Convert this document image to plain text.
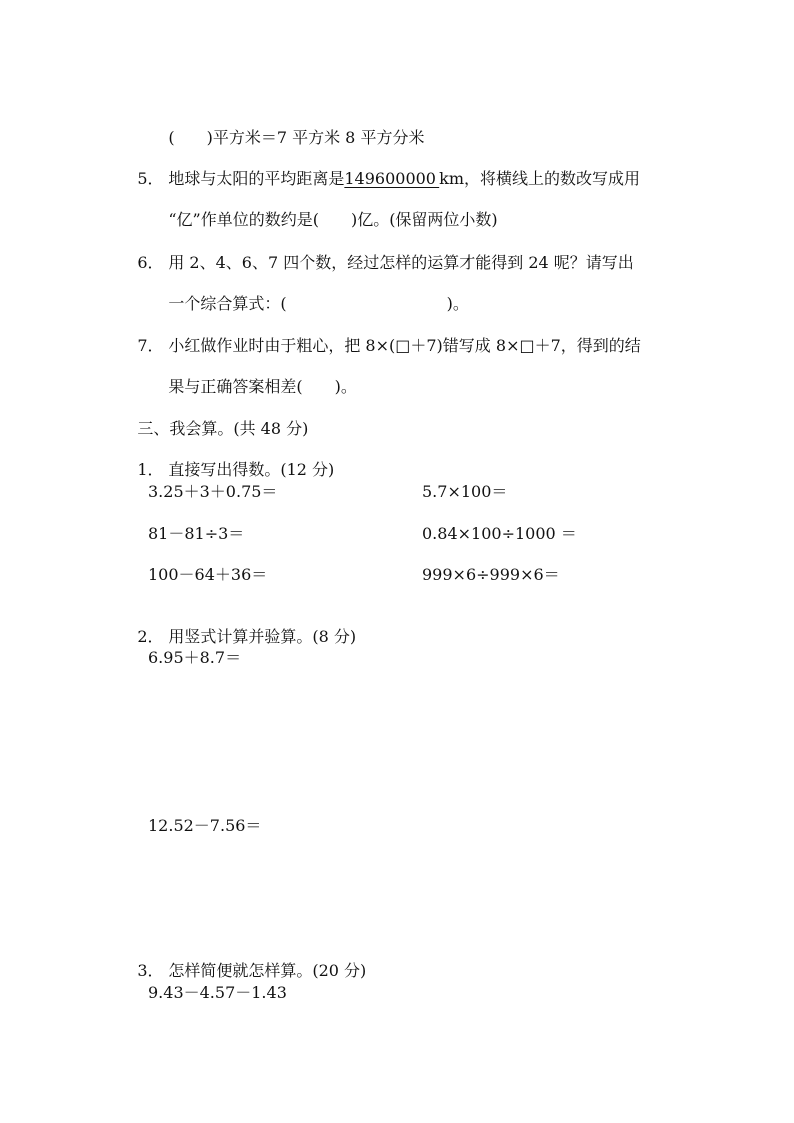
(　　)平方米＝7 平方米 8 平方分米

5． 地球与太阳的平均距离是149600000 km，将横线上的数改写成用

“亿”作单位的数约是(　　)亿。(保留两位小数)

6． 用 2、4、6、7 四个数，经过怎样的运算才能得到 24 呢？请写出

一个综合算式：(　　　　　　　　　　)。

7． 小红做作业时由于粗心，把 8×(□＋7)错写成 8×□＋7，得到的结

果与正确答案相差(　　)。

三、我会算。(共 48 分)

1． 直接写出得数。(12 分)

3.25＋3＋0.75＝	5.7×100＝
81－81÷3＝	0.84×100÷1000 ＝
100－64＋36＝	999×6÷999×6＝

2． 用竖式计算并验算。(8 分)

6.95＋8.7＝
12.52－7.56＝

3． 怎样简便就怎样算。(20 分)

9.43－4.57－1.43
